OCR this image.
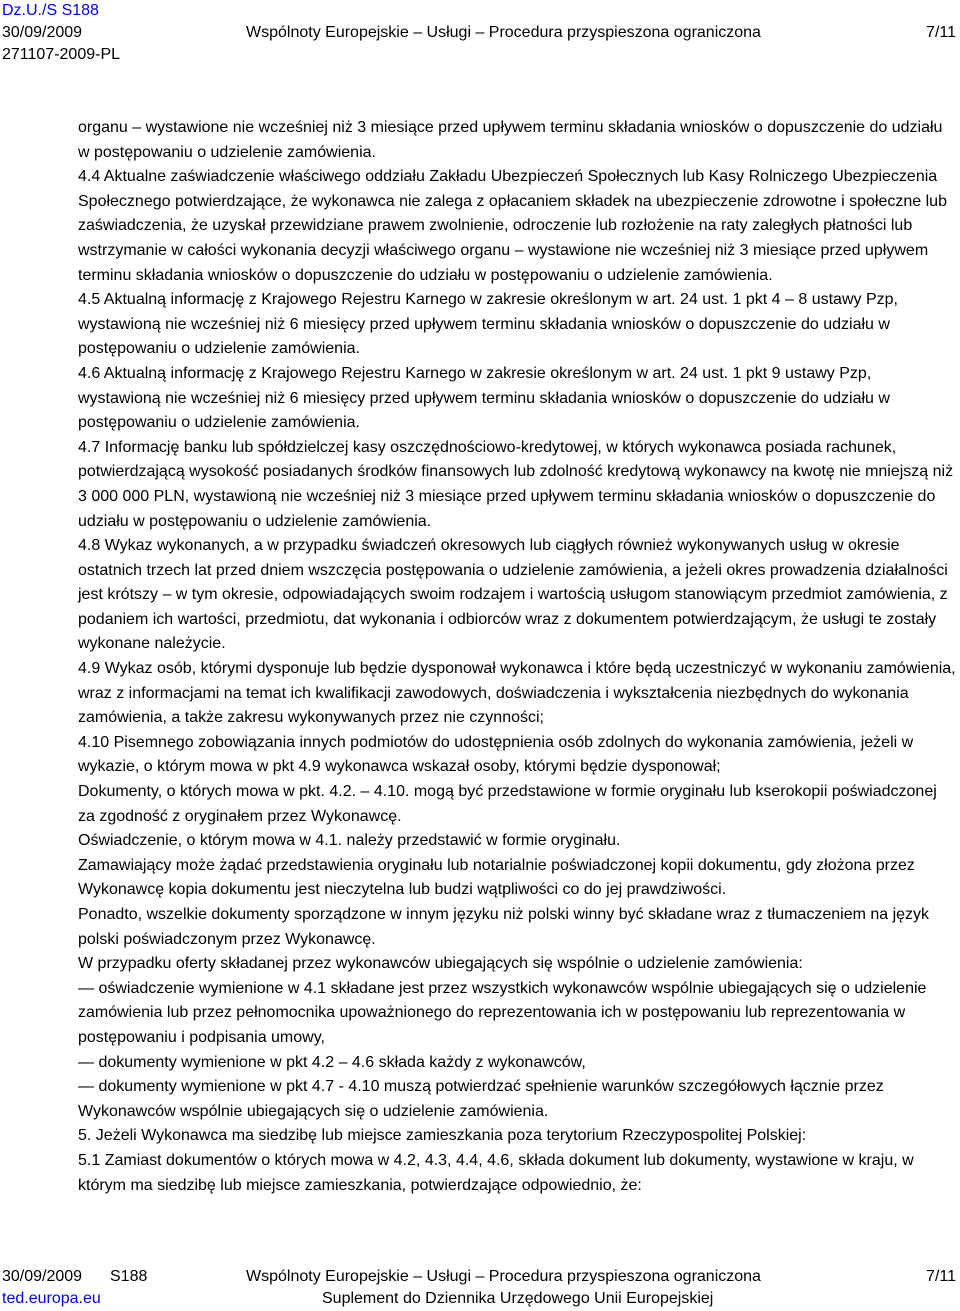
Dz.U./S S188
30/09/2009	Wspólnoty Europejskie – Usługi – Procedura przyspieszona ograniczona	7/11
271107-2009-PL

organu – wystawione nie wcześniej niż 3 miesiące przed upływem terminu składania wniosków o dopuszczenie do udziału w postępowaniu o udzielenie zamówienia.

4.4 Aktualne zaświadczenie właściwego oddziału Zakładu Ubezpieczeń Społecznych lub Kasy Rolniczego Ubezpieczenia Społecznego potwierdzające, że wykonawca nie zalega z opłacaniem składek na ubezpieczenie zdrowotne i społeczne lub zaświadczenia, że uzyskał przewidziane prawem zwolnienie, odroczenie lub rozłożenie na raty zaległych płatności lub wstrzymanie w całości wykonania decyzji właściwego organu – wystawione nie wcześniej niż 3 miesiące przed upływem terminu składania wniosków o dopuszczenie do udziału w postępowaniu o udzielenie zamówienia.

4.5 Aktualną informację z Krajowego Rejestru Karnego w zakresie określonym w art. 24 ust. 1 pkt 4 – 8 ustawy Pzp, wystawioną nie wcześniej niż 6 miesięcy przed upływem terminu składania wniosków o dopuszczenie do udziału w postępowaniu o udzielenie zamówienia.

4.6 Aktualną informację z Krajowego Rejestru Karnego w zakresie określonym w art. 24 ust. 1 pkt 9 ustawy Pzp, wystawioną nie wcześniej niż 6 miesięcy przed upływem terminu składania wniosków o dopuszczenie do udziału w postępowaniu o udzielenie zamówienia.

4.7 Informację banku lub spółdzielczej kasy oszczędnościowo-kredytowej, w których wykonawca posiada rachunek, potwierdzającą wysokość posiadanych środków finansowych lub zdolność kredytową wykonawcy na kwotę nie mniejszą niż 3 000 000 PLN, wystawioną nie wcześniej niż 3 miesiące przed upływem terminu składania wniosków o dopuszczenie do udziału w postępowaniu o udzielenie zamówienia.

4.8 Wykaz wykonanych, a w przypadku świadczeń okresowych lub ciągłych również wykonywanych usług w okresie ostatnich trzech lat przed dniem wszczęcia postępowania o udzielenie zamówienia, a jeżeli okres prowadzenia działalności jest krótszy – w tym okresie, odpowiadających swoim rodzajem i wartością usługom stanowiącym przedmiot zamówienia, z podaniem ich wartości, przedmiotu, dat wykonania i odbiorców wraz z dokumentem potwierdzającym, że usługi te zostały wykonane należycie.

4.9 Wykaz osób, którymi dysponuje lub będzie dysponował wykonawca i które będą uczestniczyć w wykonaniu zamówienia, wraz z informacjami na temat ich kwalifikacji zawodowych, doświadczenia i wykształcenia niezbędnych do wykonania zamówienia, a także zakresu wykonywanych przez nie czynności;

4.10 Pisemnego zobowiązania innych podmiotów do udostępnienia osób zdolnych do wykonania zamówienia, jeżeli w wykazie, o którym mowa w pkt 4.9 wykonawca wskazał osoby, którymi będzie dysponował;

Dokumenty, o których mowa w pkt. 4.2. – 4.10. mogą być przedstawione w formie oryginału lub kserokopii poświadczonej za zgodność z oryginałem przez Wykonawcę.

Oświadczenie, o którym mowa w 4.1. należy przedstawić w formie oryginału.

Zamawiający może żądać przedstawienia oryginału lub notarialnie poświadczonej kopii dokumentu, gdy złożona przez Wykonawcę kopia dokumentu jest nieczytelna lub budzi wątpliwości co do jej prawdziwości.

Ponadto, wszelkie dokumenty sporządzone w innym języku niż polski winny być składane wraz z tłumaczeniem na język polski poświadczonym przez Wykonawcę.

W przypadku oferty składanej przez wykonawców ubiegających się wspólnie o udzielenie zamówienia:

— oświadczenie wymienione w 4.1 składane jest przez wszystkich wykonawców wspólnie ubiegających się o udzielenie zamówienia lub przez pełnomocnika upoważnionego do reprezentowania ich w postępowaniu lub reprezentowania w postępowaniu i podpisania umowy,

— dokumenty wymienione w pkt 4.2 – 4.6 składa każdy z wykonawców,

— dokumenty wymienione w pkt 4.7 - 4.10 muszą potwierdzać spełnienie warunków szczegółowych łącznie przez Wykonawców wspólnie ubiegających się o udzielenie zamówienia.

5. Jeżeli Wykonawca ma siedzibę lub miejsce zamieszkania poza terytorium Rzeczypospolitej Polskiej:

5.1 Zamiast dokumentów o których mowa w 4.2, 4.3, 4.4, 4.6, składa dokument lub dokumenty, wystawione w kraju, w którym ma siedzibę lub miejsce zamieszkania, potwierdzające odpowiednio, że:

30/09/2009 S188	Wspólnoty Europejskie – Usługi – Procedura przyspieszona ograniczona	7/11
ted.europa.eu	Suplement do Dziennika Urzędowego Unii Europejskiej
